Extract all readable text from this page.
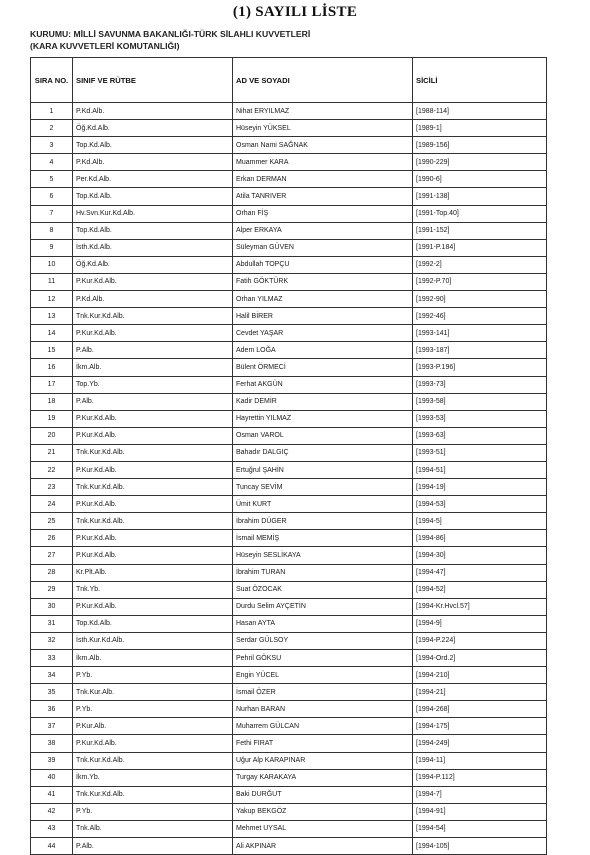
(1) SAYILI LİSTE
KURUMU: MİLLİ SAVUNMA BAKANLIĞI-TÜRK SİLAHLI KUVVETLERİ
(KARA KUVVETLERİ KOMUTANLIĞI)
SIRA NO.	SINIF VE RÜTBE	AD VE SOYADI	SİCİLİ
1	P.Kd.Alb.	Nihat ERYILMAZ	[1988-114]
2	Öğ.Kd.Alb.	Hüseyin YÜKSEL	[1989-1]
3	Top.Kd.Alb.	Osman Nami SAĞNAK	[1989-156]
4	P.Kd.Alb.	Muammer KARA	[1990-229]
5	Per.Kd.Alb.	Erkan DERMAN	[1990-6]
6	Top.Kd.Alb.	Atila TANRIVER	[1991-138]
7	Hv.Svn.Kur.Kd.Alb.	Orhan FİŞ	[1991-Top.40]
8	Top.Kd.Alb.	Alper ERKAYA	[1991-152]
9	İsth.Kd.Alb.	Süleyman GÜVEN	[1991-P.184]
10	Öğ.Kd.Alb.	Abdullah TOPÇU	[1992-2]
11	P.Kur.Kd.Alb.	Fatih GÖKTÜRK	[1992-P.70]
12	P.Kd.Alb.	Orhan YILMAZ	[1992-90]
13	Tnk.Kur.Kd.Alb.	Halil BİRER	[1992-46]
14	P.Kur.Kd.Alb.	Cevdet YAŞAR	[1993-141]
15	P.Alb.	Adem LOĞA	[1993-187]
16	İkm.Alb.	Bülent ÖRMECİ	[1993-P.196]
17	Top.Yb.	Ferhat AKGÜN	[1993-73]
18	P.Alb.	Kadir DEMİR	[1993-58]
19	P.Kur.Kd.Alb.	Hayrettin YILMAZ	[1993-53]
20	P.Kur.Kd.Alb.	Osman VAROL	[1993-63]
21	Tnk.Kur.Kd.Alb.	Bahadır DALGIÇ	[1993-51]
22	P.Kur.Kd.Alb.	Ertuğrul ŞAHİN	[1994-51]
23	Tnk.Kur.Kd.Alb.	Tuncay SEVİM	[1994-19]
24	P.Kur.Kd.Alb.	Ümit KURT	[1994-53]
25	Tnk.Kur.Kd.Alb.	İbrahim DÜGER	[1994-5]
26	P.Kur.Kd.Alb.	İsmail MEMİŞ	[1994-86]
27	P.Kur.Kd.Alb.	Hüseyin SESLİKAYA	[1994-30]
28	Kr.Plt.Alb.	İbrahim TURAN	[1994-47]
29	Tnk.Yb.	Suat ÖZOCAK	[1994-52]
30	P.Kur.Kd.Alb.	Durdu Selim AYÇETİN	[1994-Kr.Hvcl.57]
31	Top.Kd.Alb.	Hasan AYTA	[1994-9]
32	İsth.Kur.Kd.Alb.	Serdar GÜLSOY	[1994-P.224]
33	İkm.Alb.	Pehril GÖKSU	[1994-Ord.2]
34	P.Yb.	Engin YÜCEL	[1994-210]
35	Tnk.Kur.Alb.	İsmail ÖZER	[1994-21]
36	P.Yb.	Nurhan BARAN	[1994-268]
37	P.Kur.Alb.	Muharrem GÜLCAN	[1994-175]
38	P.Kur.Kd.Alb.	Fethi FIRAT	[1994-249]
39	Tnk.Kur.Kd.Alb.	Uğur Alp KARAPINAR	[1994-11]
40	İkm.Yb.	Turgay KARAKAYA	[1994-P.112]
41	Tnk.Kur.Kd.Alb.	Baki DURĞUT	[1994-7]
42	P.Yb.	Yakup BEKGÖZ	[1994-91]
43	Tnk.Alb.	Mehmet UYSAL	[1994-54]
44	P.Alb.	Ali AKPINAR	[1994-105]
